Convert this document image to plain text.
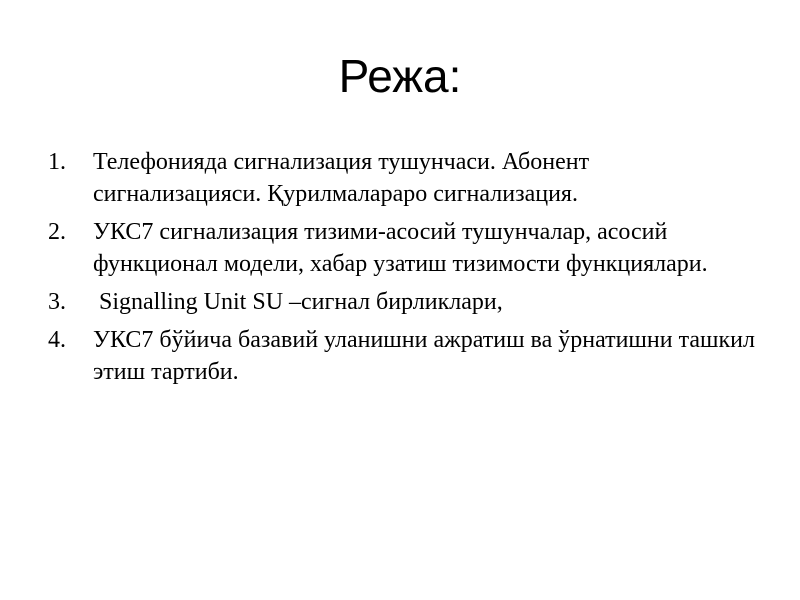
Режа:
1.	Телефонияда сигнализация тушунчаси. Абонент сигнализацияси. Қурилмалараро сигнализация.
2.	УКС7 сигнализация тизими-асосий тушунчалар, асосий функционал модели, хабар узатиш тизимости функциялари.
3.	Signalling Unit SU –сигнал бирликлари,
4.	УКС7 бўйича базавий уланишни ажратиш ва ўрнатишни ташкил этиш тартиби.
